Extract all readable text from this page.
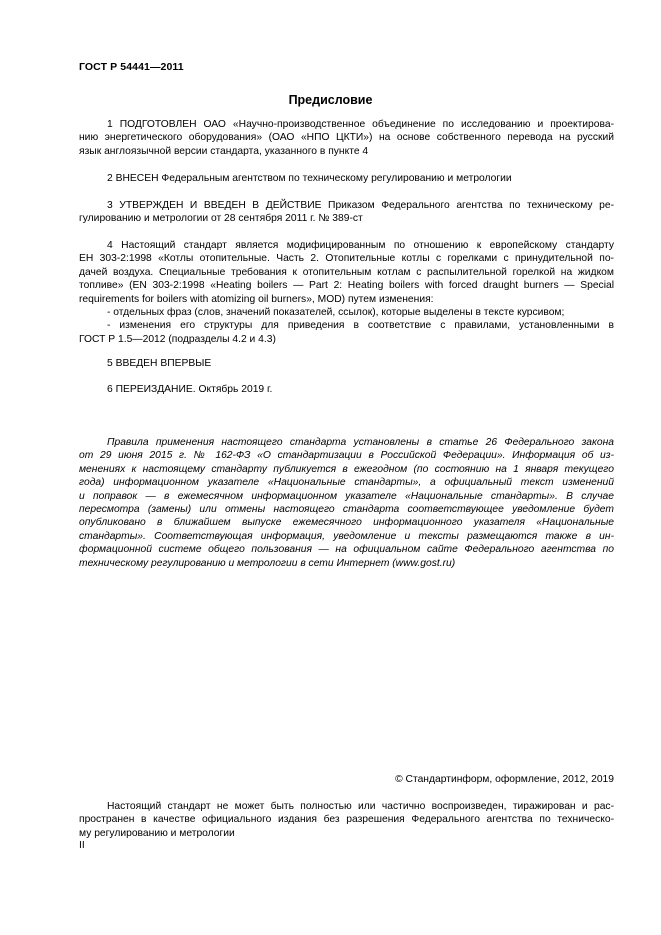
ГОСТ Р 54441—2011
Предисловие

1 ПОДГОТОВЛЕН ОАО «Научно-производственное объединение по исследованию и проектирова-
нию энергетического оборудования» (ОАО «НПО ЦКТИ») на основе собственного перевода на русский
язык англоязычной версии стандарта, указанного в пункте 4

2 ВНЕСЕН Федеральным агентством по техническому регулированию и метрологии

3 УТВЕРЖДЕН И ВВЕДЕН В ДЕЙСТВИЕ Приказом Федерального агентства по техническому ре-
гулированию и метрологии от 28 сентября 2011 г. № 389-ст

4 Настоящий стандарт является модифицированным по отношению к европейскому стандарту
ЕН 303-2:1998 «Котлы отопительные. Часть 2. Отопительные котлы с горелками с принудительной по-
дачей воздуха. Специальные требования к отопительным котлам с распылительной горелкой на жидком
топливе» (EN 303-2:1998 «Heating boilers — Part 2: Heating boilers with forced draught burners — Special
requirements for boilers with atomizing oil burners», MOD) путем изменения:
- отдельных фраз (слов, значений показателей, ссылок), которые выделены в тексте курсивом;
- изменения его структуры для приведения в соответствие с правилами, установленными в
ГОСТ Р 1.5—2012 (подразделы 4.2 и 4.3)

5 ВВЕДЕН ВПЕРВЫЕ

6 ПЕРЕИЗДАНИЕ. Октябрь 2019 г.

Правила применения настоящего стандарта установлены в статье 26 Федерального закона
от 29 июня 2015 г. № 162-ФЗ «О стандартизации в Российской Федерации». Информация об из-
менениях к настоящему стандарту публикуется в ежегодном (по состоянию на 1 января текущего
года) информационном указателе «Национальные стандарты», а официальный текст изменений
и поправок — в ежемесячном информационном указателе «Национальные стандарты». В случае
пересмотра (замены) или отмены настоящего стандарта соответствующее уведомление будет
опубликовано в ближайшем выпуске ежемесячного информационного указателя «Национальные
стандарты». Соответствующая информация, уведомление и тексты размещаются также в ин-
формационной системе общего пользования — на официальном сайте Федерального агентства по
техническому регулированию и метрологии в сети Интернет (www.gost.ru)

© Стандартинформ, оформление, 2012, 2019

Настоящий стандарт не может быть полностью или частично воспроизведен, тиражирован и рас-
пространен в качестве официального издания без разрешения Федерального агентства по техническо-
му регулированию и метрологии

II
